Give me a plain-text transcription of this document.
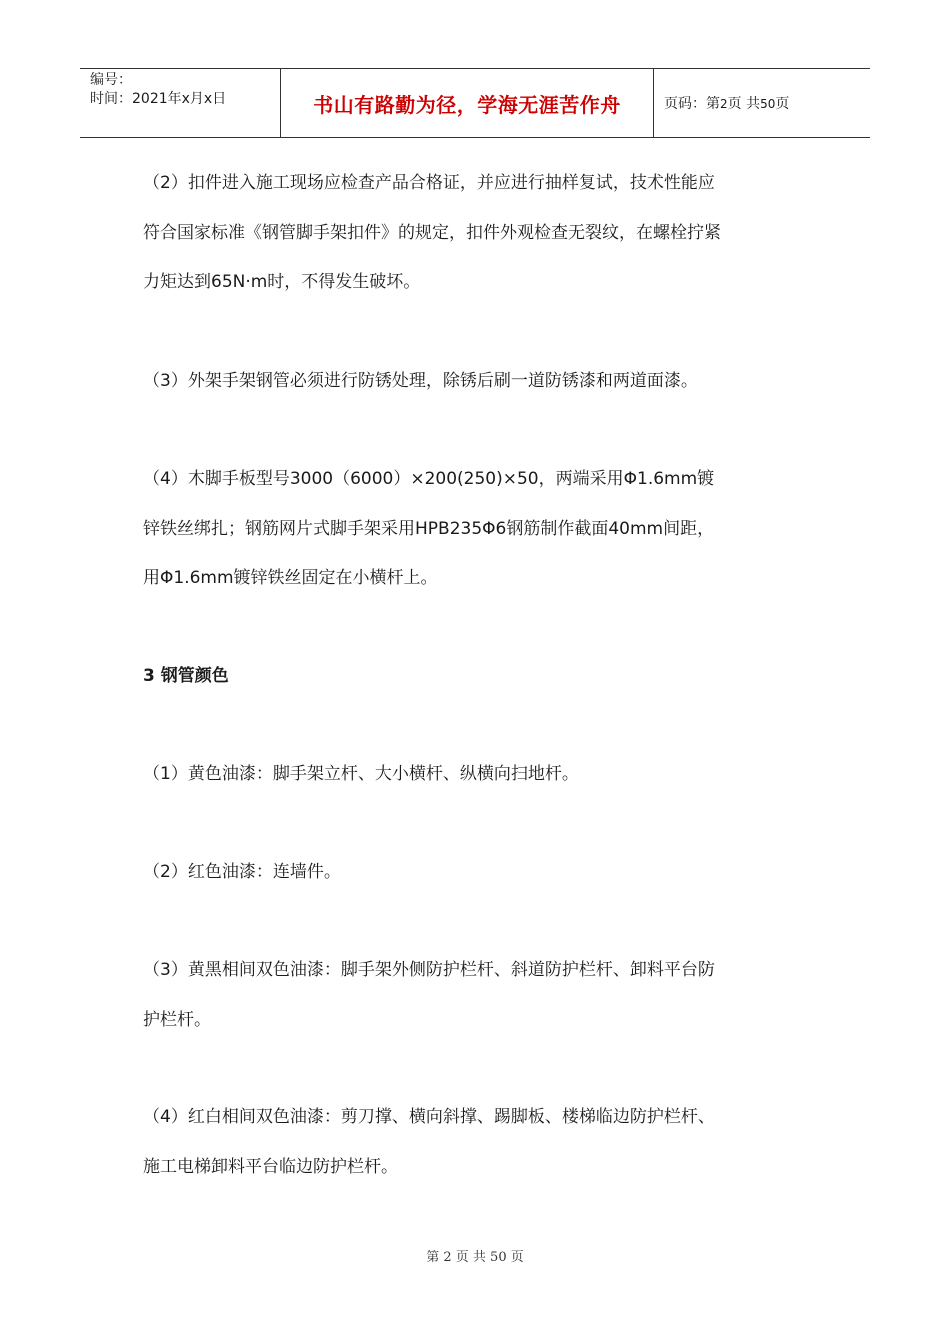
编号：
时间：2021年x月x日	书山有路勤为径，学海无涯苦作舟	页码：第2页 共50页
（2）扣件进入施工现场应检查产品合格证，并应进行抽样复试，技术性能应
符合国家标准《钢管脚手架扣件》的规定，扣件外观检查无裂纹，在螺栓拧紧
力矩达到65N·m时，不得发生破坏。
（3）外架手架钢管必须进行防锈处理，除锈后刷一道防锈漆和两道面漆。
（4）木脚手板型号3000（6000）×200(250)×50，两端采用Φ1.6mm镀
锌铁丝绑扎；钢筋网片式脚手架采用HPB235Φ6钢筋制作截面40mm间距，
用Φ1.6mm镀锌铁丝固定在小横杆上。
3 钢管颜色
（1）黄色油漆：脚手架立杆、大小横杆、纵横向扫地杆。
（2）红色油漆：连墙件。
（3）黄黑相间双色油漆：脚手架外侧防护栏杆、斜道防护栏杆、卸料平台防
护栏杆。
（4）红白相间双色油漆：剪刀撑、横向斜撑、踢脚板、楼梯临边防护栏杆、
施工电梯卸料平台临边防护栏杆。
第 2 页 共 50 页
